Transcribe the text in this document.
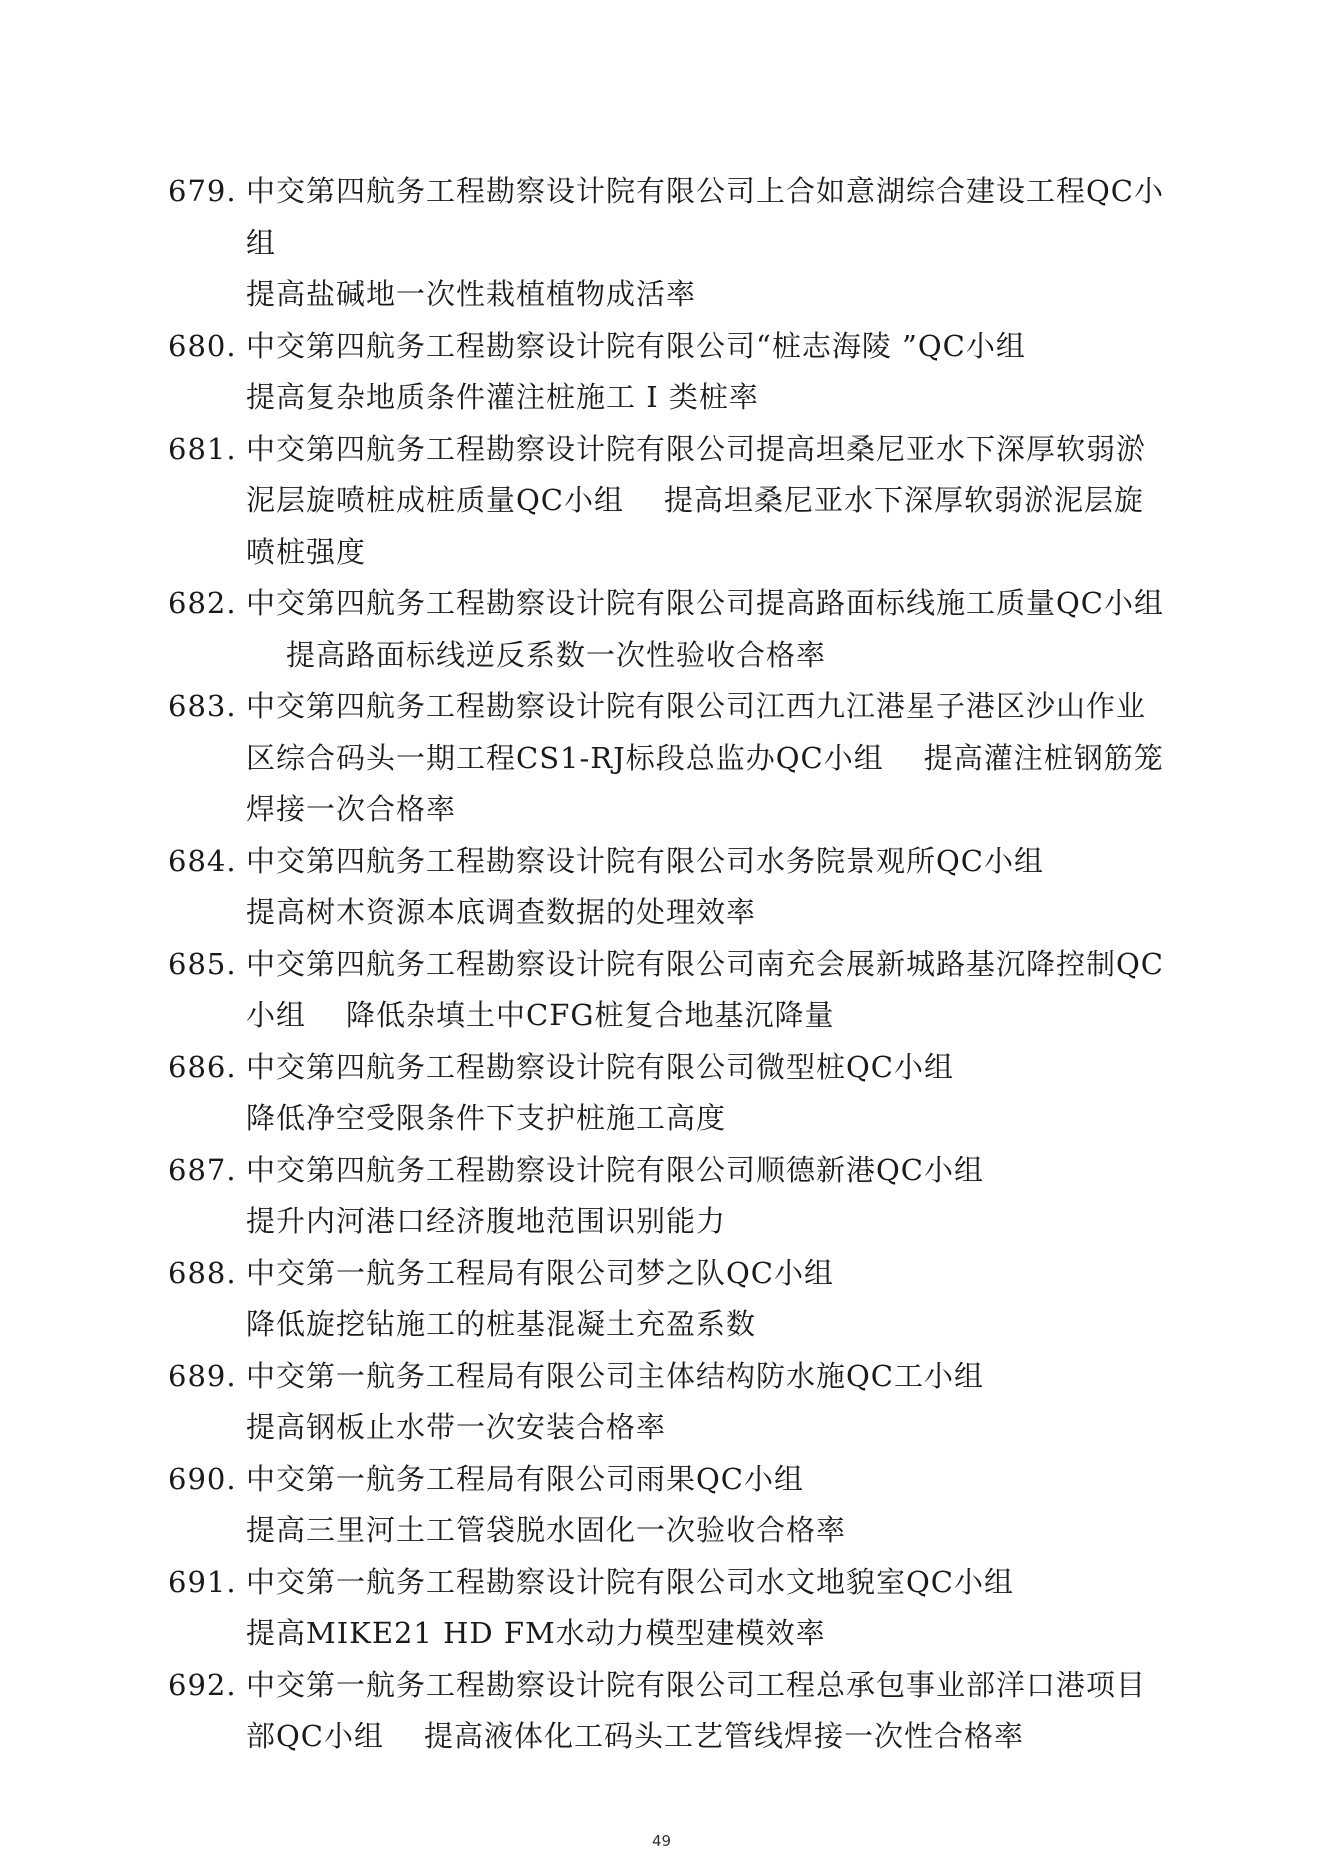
679. 中交第四航务工程勘察设计院有限公司上合如意湖综合建设工程QC小组
提高盐碱地一次性栽植植物成活率

680. 中交第四航务工程勘察设计院有限公司“桩志海陵 ”QC小组
提高复杂地质条件灌注桩施工 I 类桩率

681. 中交第四航务工程勘察设计院有限公司提高坦桑尼亚水下深厚软弱淤泥层旋喷桩成桩质量QC小组 提高坦桑尼亚水下深厚软弱淤泥层旋喷桩强度

682. 中交第四航务工程勘察设计院有限公司提高路面标线施工质量QC小组提高路面标线逆反系数一次性验收合格率

683. 中交第四航务工程勘察设计院有限公司江西九江港星子港区沙山作业区综合码头一期工程CS1-RJ标段总监办QC小组 提高灌注桩钢筋笼焊接一次合格率

684. 中交第四航务工程勘察设计院有限公司水务院景观所QC小组
提高树木资源本底调查数据的处理效率

685. 中交第四航务工程勘察设计院有限公司南充会展新城路基沉降控制QC小组 降低杂填土中CFG桩复合地基沉降量

686. 中交第四航务工程勘察设计院有限公司微型桩QC小组
降低净空受限条件下支护桩施工高度

687. 中交第四航务工程勘察设计院有限公司顺德新港QC小组
提升内河港口经济腹地范围识别能力

688. 中交第一航务工程局有限公司梦之队QC小组
降低旋挖钻施工的桩基混凝土充盈系数

689. 中交第一航务工程局有限公司主体结构防水施QC工小组
提高钢板止水带一次安装合格率

690. 中交第一航务工程局有限公司雨果QC小组
提高三里河土工管袋脱水固化一次验收合格率

691. 中交第一航务工程勘察设计院有限公司水文地貌室QC小组
提高MIKE21 HD FM水动力模型建模效率

692. 中交第一航务工程勘察设计院有限公司工程总承包事业部洋口港项目部QC小组 提高液体化工码头工艺管线焊接一次性合格率

49
